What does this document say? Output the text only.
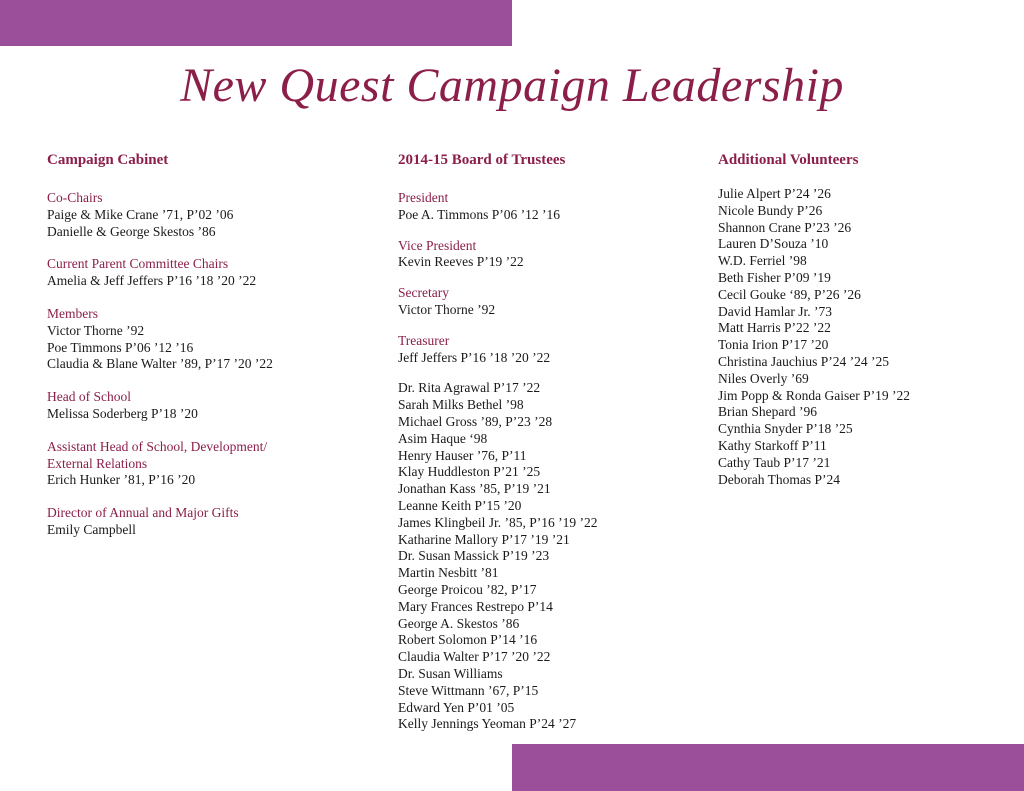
New Quest Campaign Leadership
Campaign Cabinet
Co-Chairs
Paige & Mike Crane ’71, P’02 ’06
Danielle & George Skestos ’86
Current Parent Committee Chairs
Amelia & Jeff Jeffers P’16 ’18 ’20 ’22
Members
Victor Thorne ’92
Poe Timmons P’06 ’12 ’16
Claudia & Blane Walter ’89, P’17 ’20 ’22
Head of School
Melissa Soderberg P’18 ’20
Assistant Head of School, Development/
External Relations
Erich Hunker ’81, P’16 ’20
Director of Annual and Major Gifts
Emily Campbell
2014-15 Board of Trustees
President
Poe A. Timmons P’06 ’12 ’16
Vice President
Kevin Reeves P’19 ’22
Secretary
Victor Thorne ’92
Treasurer
Jeff Jeffers P’16 ’18 ’20 ’22
Dr. Rita Agrawal P’17 ’22
Sarah Milks Bethel ’98
Michael Gross ’89, P’23 ’28
Asim Haque ‘98
Henry Hauser ’76, P’11
Klay Huddleston P’21 ’25
Jonathan Kass ’85, P’19 ’21
Leanne Keith P’15 ’20
James Klingbeil Jr. ’85, P’16 ’19 ’22
Katharine Mallory P’17 ’19 ’21
Dr. Susan Massick P’19 ’23
Martin Nesbitt ’81
George Proicou ’82, P’17
Mary Frances Restrepo P’14
George A. Skestos ’86
Robert Solomon P’14 ’16
Claudia Walter P’17 ’20 ’22
Dr. Susan Williams
Steve Wittmann ’67, P’15
Edward Yen P’01 ’05
Kelly Jennings Yeoman P’24 ’27
Additional Volunteers
Julie Alpert P’24 ’26
Nicole Bundy P’26
Shannon Crane P’23 ’26
Lauren D’Souza ’10
W.D. Ferriel ’98
Beth Fisher P’09 ’19
Cecil Gouke ‘89, P’26 ’26
David Hamlar Jr. ’73
Matt Harris P’22 ’22
Tonia Irion P’17 ’20
Christina Jauchius P’24 ’24 ’25
Niles Overly ’69
Jim Popp & Ronda Gaiser P’19 ’22
Brian Shepard ’96
Cynthia Snyder P’18 ’25
Kathy Starkoff P’11
Cathy Taub P’17 ’21
Deborah Thomas P’24
